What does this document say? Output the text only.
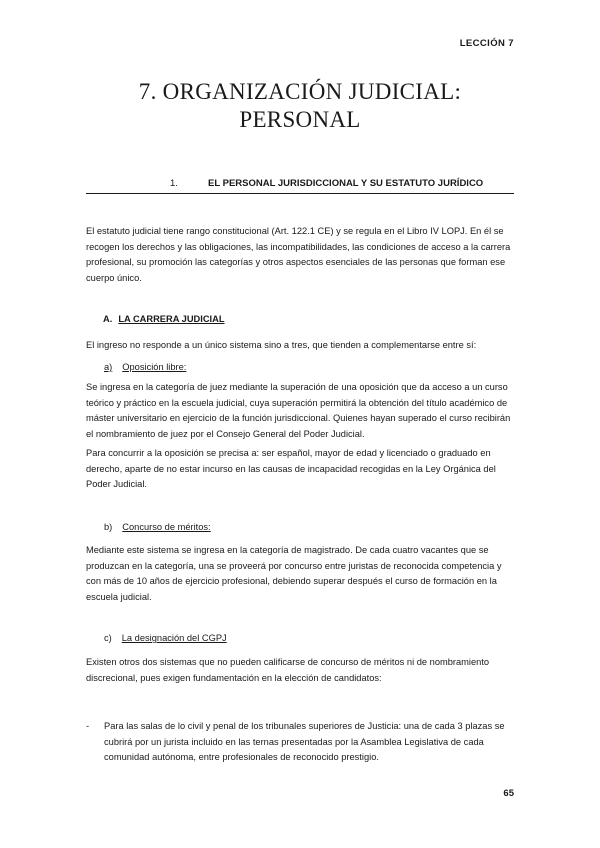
LECCIÓN 7
7. ORGANIZACIÓN JUDICIAL:
PERSONAL
1.	EL PERSONAL JURISDICCIONAL Y SU ESTATUTO JURÍDICO

El estatuto judicial tiene rango constitucional (Art. 122.1 CE) y se regula en el Libro IV LOPJ. En él se recogen los derechos y las obligaciones, las incompatibilidades, las condiciones de acceso a la carrera profesional, su promoción las categorías y otros aspectos esenciales de las personas que forman ese cuerpo único.

A. LA CARRERA JUDICIAL

El ingreso no responde a un único sistema sino a tres, que tienden a complementarse entre sí:

a) Oposición libre:

Se ingresa en la categoría de juez mediante la superación de una oposición que da acceso a un curso teórico y práctico en la escuela judicial, cuya superación permitirá la obtención del título académico de máster universitario en ejercicio de la función jurisdiccional. Quienes hayan superado el curso recibirán el nombramiento de juez por el Consejo General del Poder Judicial.

Para concurrir a la oposición se precisa a: ser español, mayor de edad y licenciado o graduado en derecho, aparte de no estar incurso en las causas de incapacidad recogidas en la Ley Orgánica del Poder Judicial.

b) Concurso de méritos:

Mediante este sistema se ingresa en la categoría de magistrado. De cada cuatro vacantes que se produzcan en la categoría, una se proveerá por concurso entre juristas de reconocida competencia y con más de 10 años de ejercicio profesional, debiendo superar después el curso de formación en la escuela judicial.

c) La designación del CGPJ

Existen otros dos sistemas que no pueden calificarse de concurso de méritos ni de nombramiento discrecional, pues exigen fundamentación en la elección de candidatos:

- Para las salas de lo civil y penal de los tribunales superiores de Justicia: una de cada 3 plazas se cubrirá por un jurista incluido en las ternas presentadas por la Asamblea Legislativa de cada comunidad autónoma, entre profesionales de reconocido prestigio.
65
